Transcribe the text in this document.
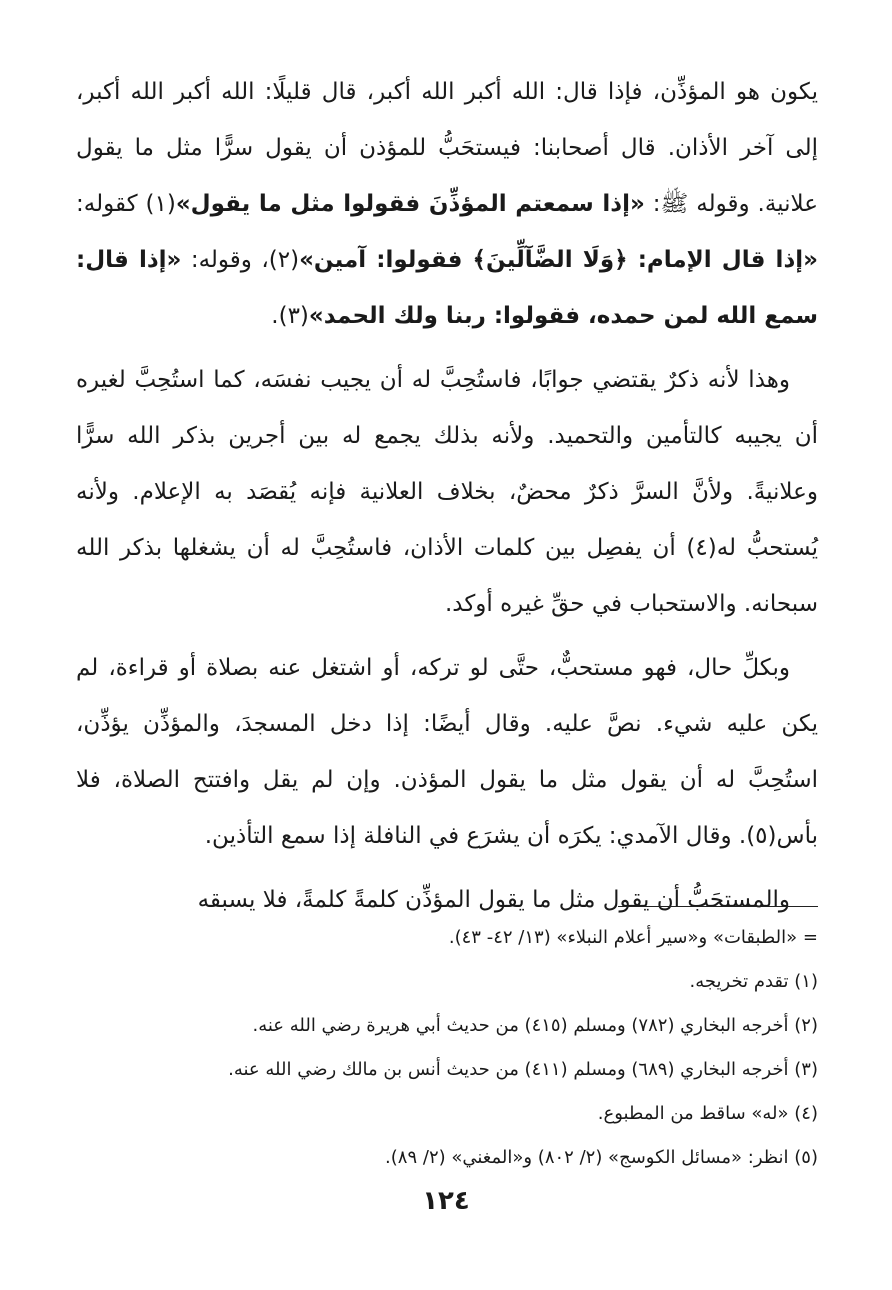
يكون هو المؤذِّن، فإذا قال: الله أكبر الله أكبر، قال قليلًا: الله أكبر الله أكبر، إلى آخر الأذان. قال أصحابنا: فيستحَبُّ للمؤذن أن يقول سرًّا مثل ما يقول علانية. وقوله ﷺ: «إذا سمعتم المؤذِّنَ فقولوا مثل ما يقول»(١) كقوله: «إذا قال الإمام: ﴿وَلَا الضَّآلِّينَ﴾ فقولوا: آمين»(٢)، وقوله: «إذا قال: سمع الله لمن حمده، فقولوا: ربنا ولك الحمد»(٣).

وهذا لأنه ذكرٌ يقتضي جوابًا، فاستُحِبَّ له أن يجيب نفسَه، كما استُحِبَّ لغيره أن يجيبه كالتأمين والتحميد. ولأنه بذلك يجمع له بين أجرين بذكر الله سرًّا وعلانيةً. ولأنَّ السرَّ ذكرٌ محضٌ، بخلاف العلانية فإنه يُقصَد به الإعلام. ولأنه يُستحبُّ له(٤) أن يفصِل بين كلمات الأذان، فاستُحِبَّ له أن يشغلها بذكر الله سبحانه. والاستحباب في حقِّ غيره أوكد.

وبكلِّ حال، فهو مستحبٌّ، حتَّى لو تركه، أو اشتغل عنه بصلاة أو قراءة، لم يكن عليه شيء. نصَّ عليه. وقال أيضًا: إذا دخل المسجدَ، والمؤذِّن يؤذِّن، استُحِبَّ له أن يقول مثل ما يقول المؤذن. وإن لم يقل وافتتح الصلاة، فلا بأس(٥). وقال الآمدي: يكرَه أن يشرَع في النافلة إذا سمع التأذين.

والمستحَبُّ أن يقول مثل ما يقول المؤذِّن كلمةً كلمةً، فلا يسبقه

= «الطبقات» و«سير أعلام النبلاء» (١٣/ ٤٢- ٤٣).

(١) تقدم تخريجه.

(٢) أخرجه البخاري (٧٨٢) ومسلم (٤١٥) من حديث أبي هريرة رضي الله عنه.

(٣) أخرجه البخاري (٦٨٩) ومسلم (٤١١) من حديث أنس بن مالك رضي الله عنه.

(٤) «له» ساقط من المطبوع.

(٥) انظر: «مسائل الكوسج» (٢/ ٨٠٢) و«المغني» (٢/ ٨٩).

١٢٤
